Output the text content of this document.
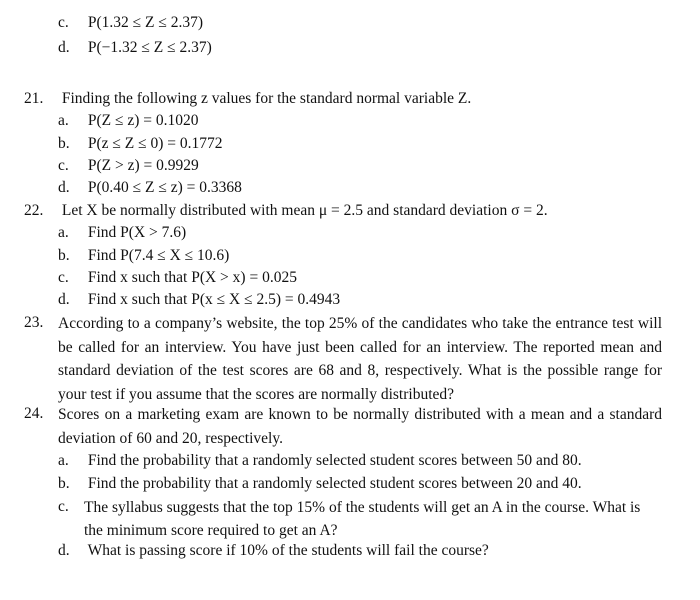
c. P(1.32 ≤ Z ≤ 2.37)
d. P(−1.32 ≤ Z ≤ 2.37)
21. Finding the following z values for the standard normal variable Z.
a. P(Z ≤ z) = 0.1020
b. P(z ≤ Z ≤ 0) = 0.1772
c. P(Z > z) = 0.9929
d. P(0.40 ≤ Z ≤ z) = 0.3368
22. Let X be normally distributed with mean μ = 2.5 and standard deviation σ = 2.
a. Find P(X > 7.6)
b. Find P(7.4 ≤ X ≤ 10.6)
c. Find x such that P(X > x) = 0.025
d. Find x such that P(x ≤ X ≤ 2.5) = 0.4943
23. According to a company’s website, the top 25% of the candidates who take the entrance test will be called for an interview. You have just been called for an interview. The reported mean and standard deviation of the test scores are 68 and 8, respectively. What is the possible range for your test if you assume that the scores are normally distributed?
24. Scores on a marketing exam are known to be normally distributed with a mean and a standard deviation of 60 and 20, respectively.
a. Find the probability that a randomly selected student scores between 50 and 80.
b. Find the probability that a randomly selected student scores between 20 and 40.
c. The syllabus suggests that the top 15% of the students will get an A in the course. What is the minimum score required to get an A?
d. What is passing score if 10% of the students will fail the course?
